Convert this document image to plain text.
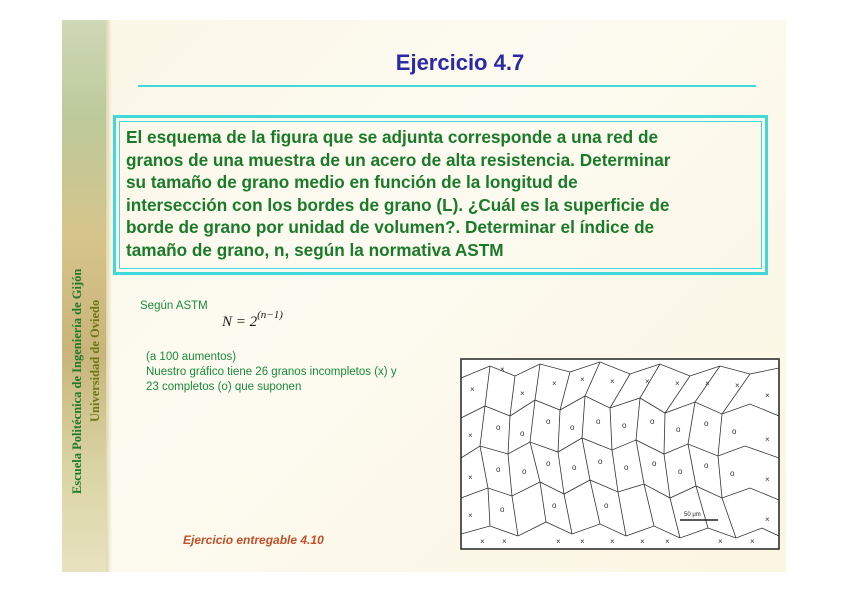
Escuela Politécnica de Ingeniería de Gijón Universidad de Oviedo
Ejercicio 4.7
El esquema de la figura que se adjunta corresponde a una red de
granos de una muestra de un acero de alta resistencia. Determinar
su tamaño de grano medio en función de la longitud de
intersección con los bordes de grano (L). ¿Cuál es la superficie de
borde de grano por unidad de volumen?. Determinar el índice de
tamaño de grano, n, según la normativa ASTM
Según ASTM
$N = 2^{(n-1)}$
(a 100 aumentos)
Nuestro gráfico tiene 26 granos incompletos (x) y
23 completos (o) que suponen	×
×
×	×	×	×
×
×
×
×
×
×
×
×	×	×	×	×
×
×	×	×
×	×	×	×
o
o
o
o
o	o	o
o
o
o
o	o
o	o
o
o	o
o
o
o
o	o	o
50 μm
Ejercicio entregable 4.10
